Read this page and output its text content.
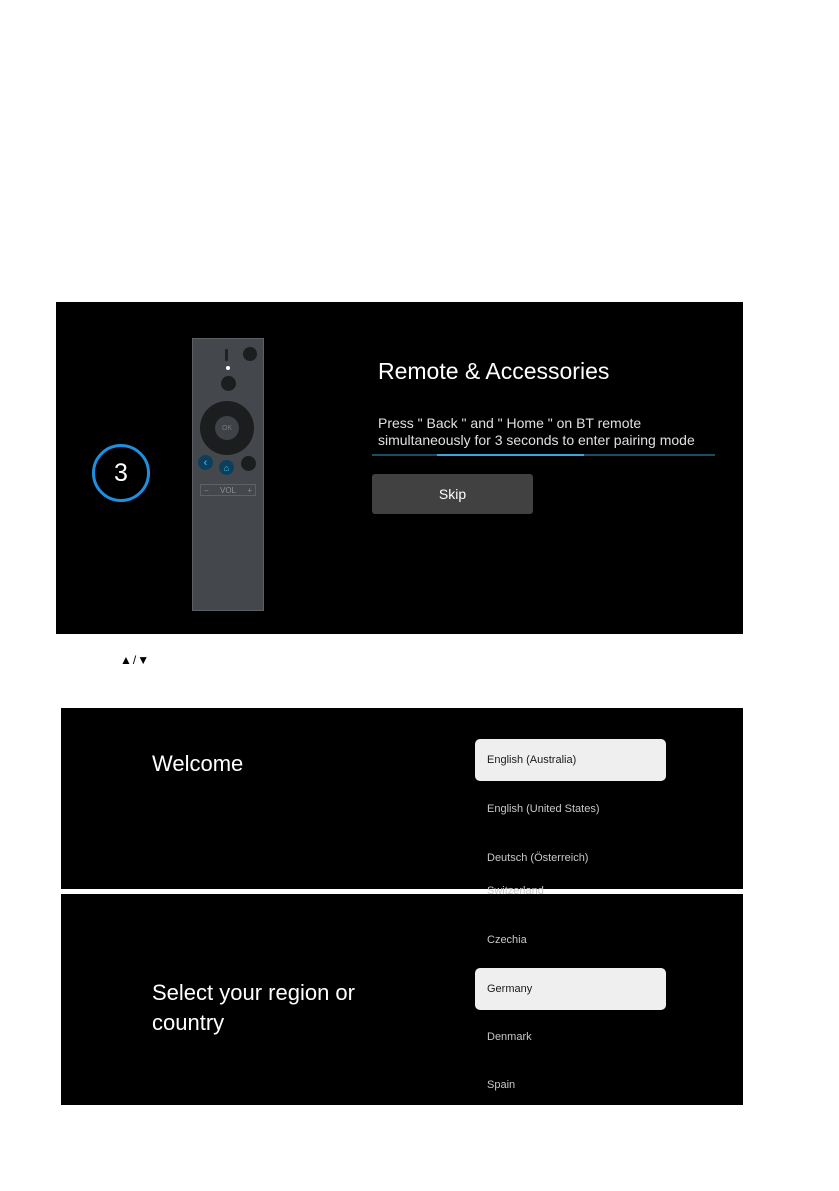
3
OK
‹	⌂
− VOL +
Remote & Accessories
Press " Back " and " Home " on BT remote
simultaneously for 3 seconds to enter pairing mode
Skip
▲/▼
Welcome	English (Australia)
English (United States)
Deutsch (Österreich)
Select your region or
country
Switzerland
Czechia
Germany
Denmark
Spain
